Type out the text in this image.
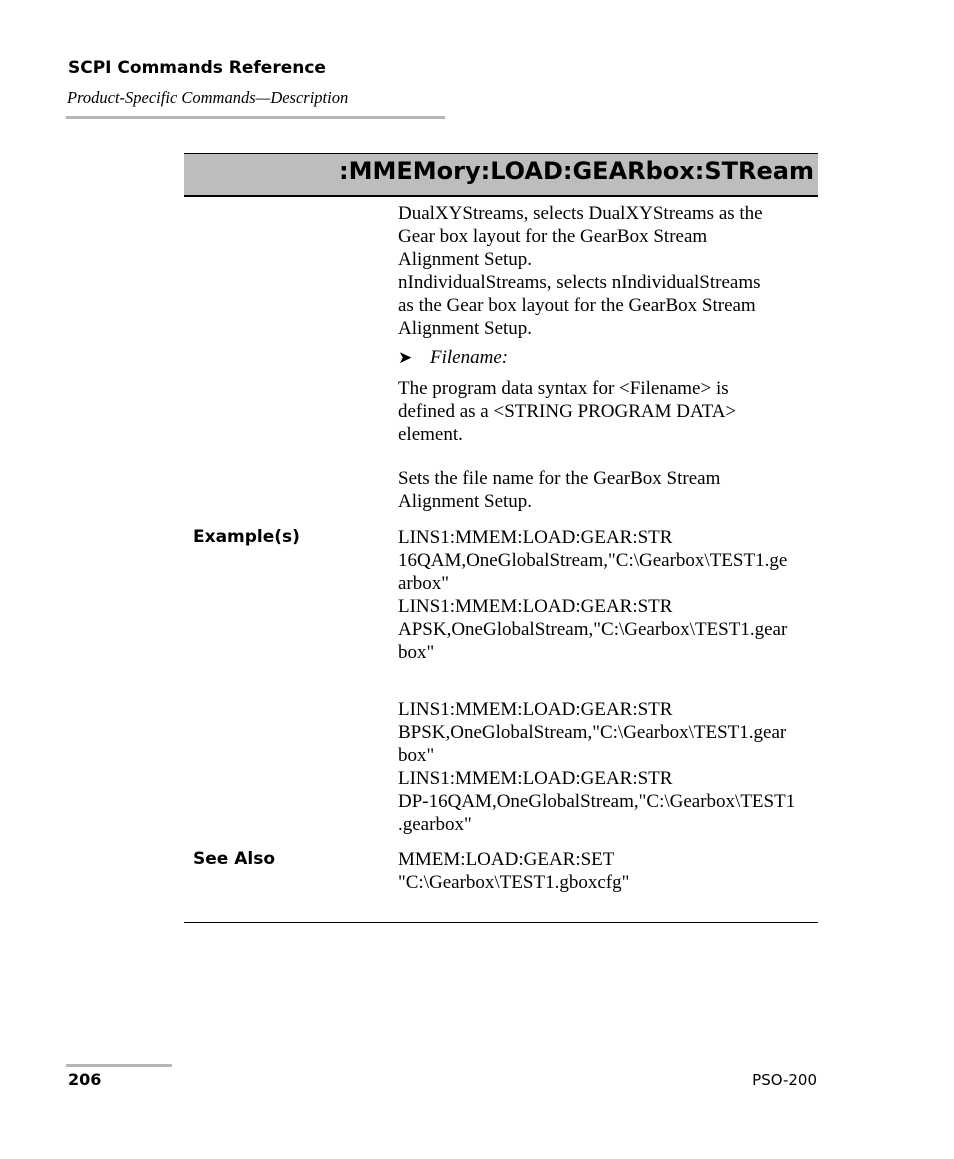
SCPI Commands Reference
Product-Specific Commands—Description
:MMEMory:LOAD:GEARbox:STReam
DualXYStreams, selects DualXYStreams as the
Gear box layout for the GearBox Stream
Alignment Setup.
nIndividualStreams, selects nIndividualStreams
as the Gear box layout for the GearBox Stream
Alignment Setup.
➤ Filename:
The program data syntax for <Filename> is
defined as a <STRING PROGRAM DATA>
element.
Sets the file name for the GearBox Stream
Alignment Setup.
Example(s)	LINS1:MMEM:LOAD:GEAR:STR
16QAM,OneGlobalStream,"C:\Gearbox\TEST1.ge
arbox"
LINS1:MMEM:LOAD:GEAR:STR
APSK,OneGlobalStream,"C:\Gearbox\TEST1.gear
box"
LINS1:MMEM:LOAD:GEAR:STR
BPSK,OneGlobalStream,"C:\Gearbox\TEST1.gear
box"
LINS1:MMEM:LOAD:GEAR:STR
DP-16QAM,OneGlobalStream,"C:\Gearbox\TEST1
.gearbox"
See Also	MMEM:LOAD:GEAR:SET
"C:\Gearbox\TEST1.gboxcfg"
206	PSO-200
